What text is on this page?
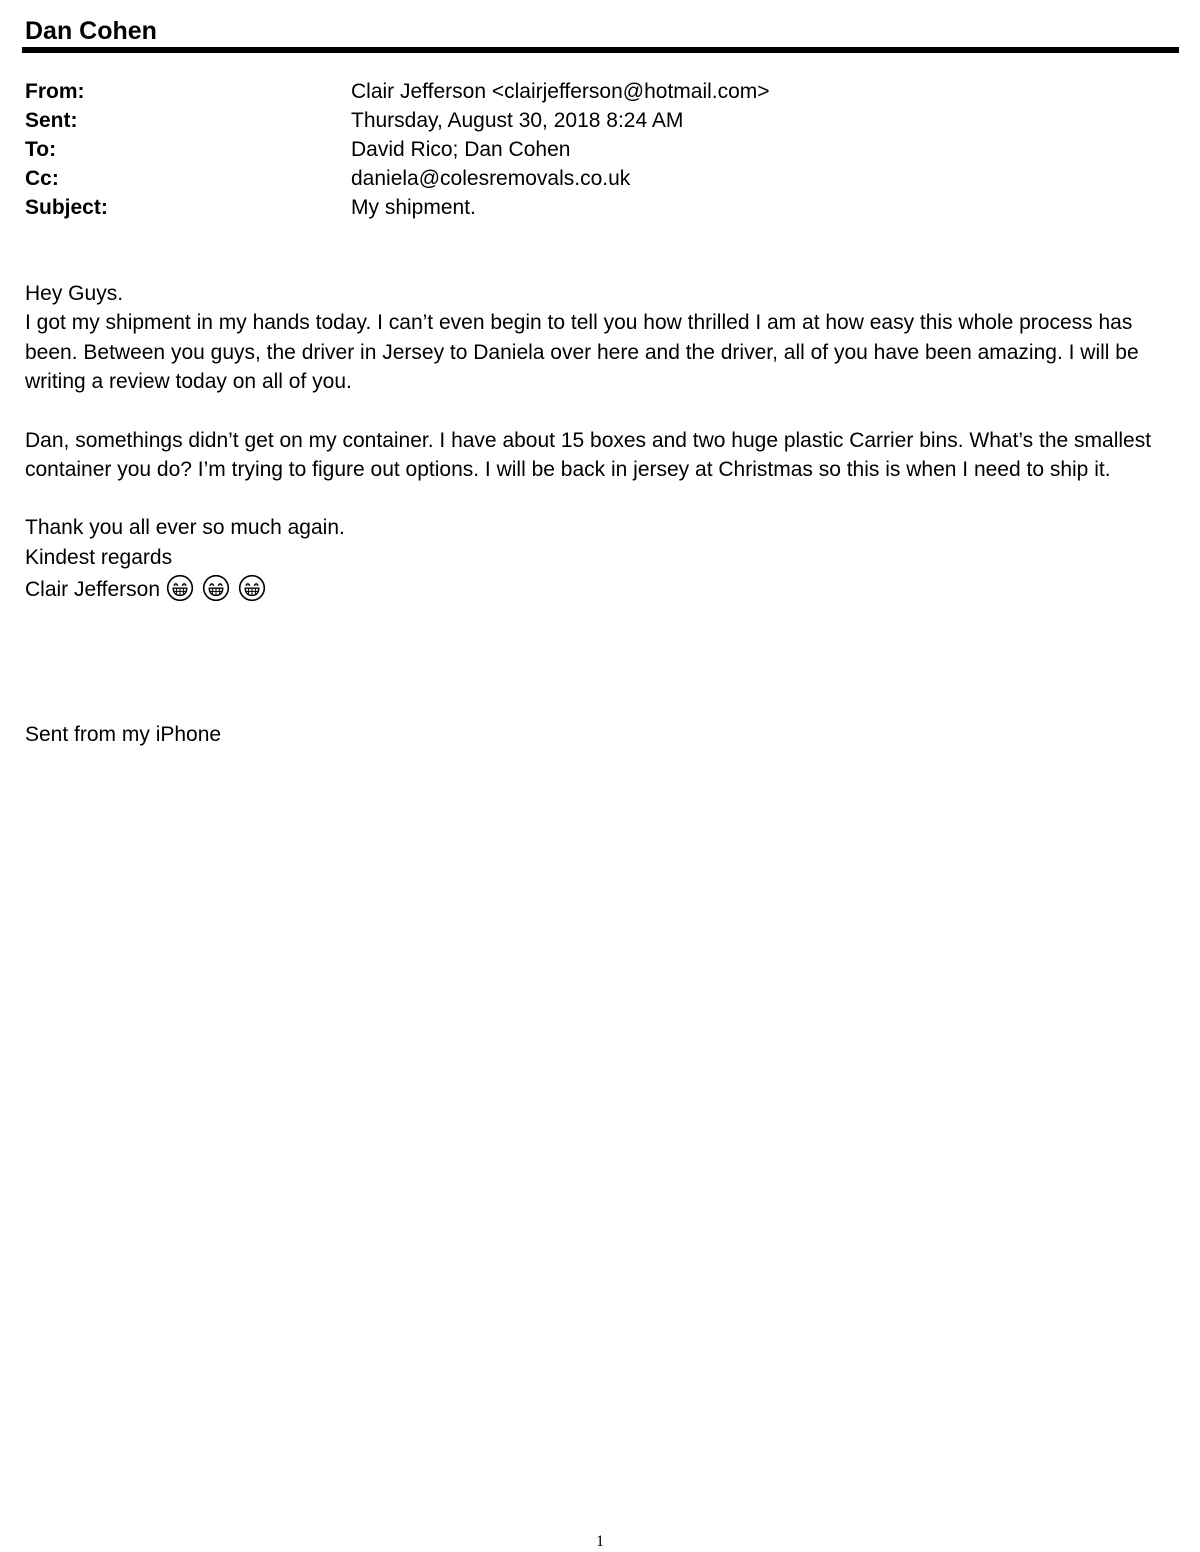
Dan Cohen
From:	Clair Jefferson <clairjefferson@hotmail.com>
Sent:	Thursday, August 30, 2018 8:24 AM
To:	David Rico; Dan Cohen
Cc:	daniela@colesremovals.co.uk
Subject:	My shipment.

Hey Guys.

I got my shipment in my hands today. I can’t even begin to tell you how thrilled I am at how easy this whole process has been. Between you guys, the driver in Jersey to Daniela over here and the driver, all of you have been amazing. I will be writing a review today on all of you.

Dan, somethings didn’t get on my container. I have about 15 boxes and two huge plastic Carrier bins. What’s the smallest container you do? I’m trying to figure out options. I will be back in jersey at Christmas so this is when I need to ship it.

Thank you all ever so much again.

Kindest regards

Clair Jefferson

Sent from my iPhone
1
